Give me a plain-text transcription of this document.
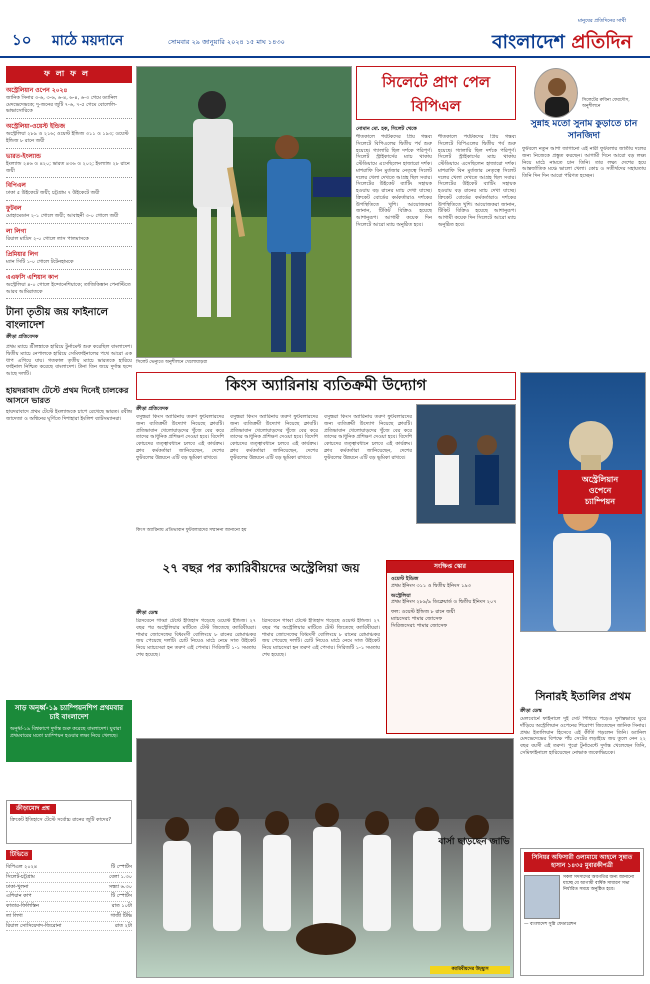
১০ মাঠে ময়দানে	সোমবার ২৯ জানুয়ারি ২০২৪ ১৫ মাঘ ১৪৩০
মানুষের প্রতিদিনের সাথী
বাংলাদেশ প্রতিদিন
ফলাফল
অস্ট্রেলিয়ান ওপেন ২০২৪
জানিক সিনার ৩-৬, ৩-৬, ৬-৪, ৬-৪, ৬-৩ গেমে ড্যানিল মেদভেদেভকে; দু-জনের জুটি ৭-৬, ৭-৫ গেমে বোলেলি-ভাভাসোরিকে
অস্ট্রেলিয়া-ওয়েস্ট ইন্ডিজ
অস্ট্রেলিয়া ২৮৯ ও ২১৬; ওয়েস্ট ইন্ডিজ ৩১১ ও ১৯৩; ওয়েস্ট ইন্ডিজ ৮ রানে জয়ী
ভারত-ইংল্যান্ড
ইংল্যান্ড ২৪৬ ও ৪২০; ভারত ৪৩৬ ও ২০২; ইংল্যান্ড ২৮ রানে জয়ী
বিপিএল
ঢাকা ৫ উইকেটে জয়ী; চট্টগ্রাম ৭ উইকেটে জয়ী
ফুটবল
মোহামেডান ২-১ গোলে জয়ী; আবাহনী ৩-০ গোলে জয়ী
লা লিগা
রিয়াল মাদ্রিদ ২-০ গোলে লাস পালমাসকে
প্রিমিয়ার লিগ
ম্যান সিটি ১-০ গোলে টটেনহামকে
এএফসি এশিয়ান কাপ
অস্ট্রেলিয়া ৪-০ গোলে ইন্দোনেশিয়াকে; তাজিকিস্তান পেনাল্টিতে আরব আমিরাতকে
টানা তৃতীয় জয় ফাইনালে বাংলাদেশ
ক্রীড়া প্রতিবেদক
প্রথম ম্যাচে শ্রীলঙ্কাকে হারিয়ে টুর্নামেন্ট শুরু করেছিল বাংলাদেশ। দ্বিতীয় ম্যাচে নেপালকে হারিয়ে সেমিফাইনালের পথে আরো এক ধাপ এগিয়ে যায়। গতকাল তৃতীয় ম্যাচে ভারতকে হারিয়ে ফাইনাল নিশ্চিত করেছে বাংলাদেশ। টানা তিন জয়ে দুর্দান্ত ছন্দে আছে দলটি।
হায়দরাবাদ টেস্টে প্রথম দিনেই চালকের আসনে ভারত
হায়দরাবাদে প্রথম টেস্টে ইংল্যান্ডকে চাপে রেখেছে ভারত। রবীন্দ্র জাদেজা ও অশ্বিনের ঘূর্ণিতে দিশাহারা ইংলিশ ব্যাটসম্যানরা।
সিলেট ভেন্যুতে অনুশীলনে খেলোয়াড়রা
সিলেটে প্রাণ পেল বিপিএল
নোমান মো. হক, সিলেট থেকে
শীতকালে পর্যটকদের প্রিয় গন্তব্য সিলেটে বিপিএলের দ্বিতীয় পর্ব শুরু হয়েছে। গ্যালারি ছিল দর্শকে পরিপূর্ণ। সিলেট স্ট্রাইকার্সের ম্যাচ থাকায় স্টেডিয়ামে এসেছিলেন হাজারো দর্শক। মাশরাফি বিন মুর্তজার নেতৃত্বে সিলেট দলের খেলা দেখতে আগ্রহ ছিল সবার। সিলেটের উইকেট ব্যাটিং সহায়ক হওয়ায় বড় রানের ম্যাচ দেখা যাচ্ছে। ক্রিকেট বোর্ডের কর্মকর্তারাও দর্শকের উপস্থিতিতে খুশি। আয়োজকরা জানান, টিকিট বিক্রিও হয়েছে আশানুরূপ। আগামী কয়েক দিন সিলেটে আরো ম্যাচ অনুষ্ঠিত হবে।
শীতকালে পর্যটকদের প্রিয় গন্তব্য সিলেটে বিপিএলের দ্বিতীয় পর্ব শুরু হয়েছে। গ্যালারি ছিল দর্শকে পরিপূর্ণ। সিলেট স্ট্রাইকার্সের ম্যাচ থাকায় স্টেডিয়ামে এসেছিলেন হাজারো দর্শক। মাশরাফি বিন মুর্তজার নেতৃত্বে সিলেট দলের খেলা দেখতে আগ্রহ ছিল সবার। সিলেটের উইকেট ব্যাটিং সহায়ক হওয়ায় বড় রানের ম্যাচ দেখা যাচ্ছে। ক্রিকেট বোর্ডের কর্মকর্তারাও দর্শকের উপস্থিতিতে খুশি। আয়োজকরা জানান, টিকিট বিক্রিও হয়েছে আশানুরূপ। আগামী কয়েক দিন সিলেটে আরো ম্যাচ অনুষ্ঠিত হবে।
সিলেটের রুবিনা ফেরদৌস, অনুশীলনে
সুন্নাহ মতো সুনাম কুড়াতে চান সানজিদা
ফুটবলে নতুন আশা জাগানো এই নারী ফুটবলার জাতীয় দলের জন্য নিজেকে প্রস্তুত করছেন। আগামী দিনে আরো বড় লক্ষ্য নিয়ে মাঠে নামতে চান তিনি। তার লক্ষ্য দেশের হয়ে আন্তর্জাতিক মঞ্চে ভালো খেলা। কোচ ও সতীর্থদের সহায়তায় তিনি দিন দিন আরো পরিণত হচ্ছেন।
কিংস অ্যারিনায় ব্যতিক্রমী উদ্যোগ
ক্রীড়া প্রতিবেদক
বসুন্ধরা কিংস অ্যারিনায় তরুণ ফুটবলারদের জন্য ব্যতিক্রমী উদ্যোগ নিয়েছে ক্লাবটি। প্রতিভাবান খেলোয়াড়দের খুঁজে বের করে তাদের আধুনিক প্রশিক্ষণ দেওয়া হবে। বিদেশি কোচদের তত্ত্বাবধানে চলবে এই কার্যক্রম। ক্লাব কর্মকর্তারা জানিয়েছেন, দেশের ফুটবলের উন্নয়নে এটি বড় ভূমিকা রাখবে।
বসুন্ধরা কিংস অ্যারিনায় তরুণ ফুটবলারদের জন্য ব্যতিক্রমী উদ্যোগ নিয়েছে ক্লাবটি। প্রতিভাবান খেলোয়াড়দের খুঁজে বের করে তাদের আধুনিক প্রশিক্ষণ দেওয়া হবে। বিদেশি কোচদের তত্ত্বাবধানে চলবে এই কার্যক্রম। ক্লাব কর্মকর্তারা জানিয়েছেন, দেশের ফুটবলের উন্নয়নে এটি বড় ভূমিকা রাখবে।
বসুন্ধরা কিংস অ্যারিনায় তরুণ ফুটবলারদের জন্য ব্যতিক্রমী উদ্যোগ নিয়েছে ক্লাবটি। প্রতিভাবান খেলোয়াড়দের খুঁজে বের করে তাদের আধুনিক প্রশিক্ষণ দেওয়া হবে। বিদেশি কোচদের তত্ত্বাবধানে চলবে এই কার্যক্রম। ক্লাব কর্মকর্তারা জানিয়েছেন, দেশের ফুটবলের উন্নয়নে এটি বড় ভূমিকা রাখবে।
কিংস অ্যারিনায় প্রতিভাবান ফুটবলারদের সম্মাননা জানানো হয়
অস্ট্রেলিয়ান
ওপেনে
চ্যাম্পিয়ন
সিনারই ইতালির প্রথম
ক্রীড়া ডেস্ক
মেলবোর্নে ফাইনালে দুই সেট পিছিয়ে পড়েও দুর্দান্তভাবে ঘুরে দাঁড়িয়ে অস্ট্রেলিয়ান ওপেনের শিরোপা জিতেছেন জানিক সিনার। প্রথম ইতালিয়ান হিসেবে এই কীর্তি গড়লেন তিনি। ড্যানিল মেদভেদেভের বিপক্ষে পাঁচ সেটের লড়াইয়ে জয় তুলে নেন ২২ বছর বয়সী এই তরুণ। পুরো টুর্নামেন্টে দুর্দান্ত খেলেছেন তিনি, সেমিফাইনালে হারিয়েছেন নোভাক জকোভিচকে।
২৭ বছর পর ক্যারিবীয়দের অস্ট্রেলিয়া জয়
ক্রীড়া ডেস্ক
ব্রিসবেনে গাব্বা টেস্টে ইতিহাস গড়েছে ওয়েস্ট ইন্ডিজ। ২৭ বছর পর অস্ট্রেলিয়ার মাটিতে টেস্ট জিতেছে ক্যারিবীয়রা। শামার জোসেফের বিধ্বংসী বোলিংয়ে ৮ রানের রোমাঞ্চকর জয় পেয়েছে দলটি। চোট নিয়েও মাঠে নেমে সাত উইকেট নিয়ে ম্যাচসেরা হন তরুণ এই পেসার। সিরিজটি ১-১ সমতায় শেষ হয়েছে।
ব্রিসবেনে গাব্বা টেস্টে ইতিহাস গড়েছে ওয়েস্ট ইন্ডিজ। ২৭ বছর পর অস্ট্রেলিয়ার মাটিতে টেস্ট জিতেছে ক্যারিবীয়রা। শামার জোসেফের বিধ্বংসী বোলিংয়ে ৮ রানের রোমাঞ্চকর জয় পেয়েছে দলটি। চোট নিয়েও মাঠে নেমে সাত উইকেট নিয়ে ম্যাচসেরা হন তরুণ এই পেসার। সিরিজটি ১-১ সমতায় শেষ হয়েছে।
সংক্ষিপ্ত স্কোর
ওয়েস্ট ইন্ডিজ
প্রথম ইনিংস ৩১১ ও দ্বিতীয় ইনিংস ১৯৩
অস্ট্রেলিয়া
প্রথম ইনিংস ২৮৯/৯ ডিক্লেয়ার্ড ও দ্বিতীয় ইনিংস ২০৭
ফল: ওয়েস্ট ইন্ডিজ ৮ রানে জয়ী
ম্যাচসেরা: শামার জোসেফ
সিরিজসেরা: শামার জোসেফ
ক্যারিবীয়দের উচ্ছ্বাস
সাড় অনূর্ধ্ব-১৯ চ্যাম্পিয়নশিপ প্রথমবার চাই বাংলাদেশ
অনূর্ধ্ব-১৯ বিশ্বকাপে দুর্দান্ত শুরু করেছে বাংলাদেশ। যুবারা প্রথমবারের মতো চ্যাম্পিয়ন হওয়ার লক্ষ্য নিয়ে খেলছে।
ক্রীড়ামোদ প্রশ্ন
ক্রিকেট ইতিহাসে টেস্টে সর্বোচ্চ রানের জুটি কাদের?
টিভিতে
বিপিএল ২০২৪	টি স্পোর্টস
সিলেট-চট্টগ্রাম	বেলা ১.৩০
ঢাকা-খুলনা	সন্ধ্যা ৬.৩০
এশিয়ান কাপ	টি স্পোর্টস
কাতার-ফিলিস্তিন	রাত ১০টা
লা লিগা	গাজী টিভি
রিয়াল সোসিয়েদাদ-জিরোনা	রাত ২টা
বার্সা ছাড়ছেন জাভি
সিনিয়র অফিসারী ওলামায়ে আহলে সুন্নাত হাসান ১৪৩৫ মুবারকীপত্রী
সকল সদস্যদের অবগতির জন্য জানানো যাচ্ছে যে আগামী বার্ষিক সাধারণ সভা নির্ধারিত সময়ে অনুষ্ঠিত হবে।
— বাংলাদেশ সুন্নি ফেডারেশন
